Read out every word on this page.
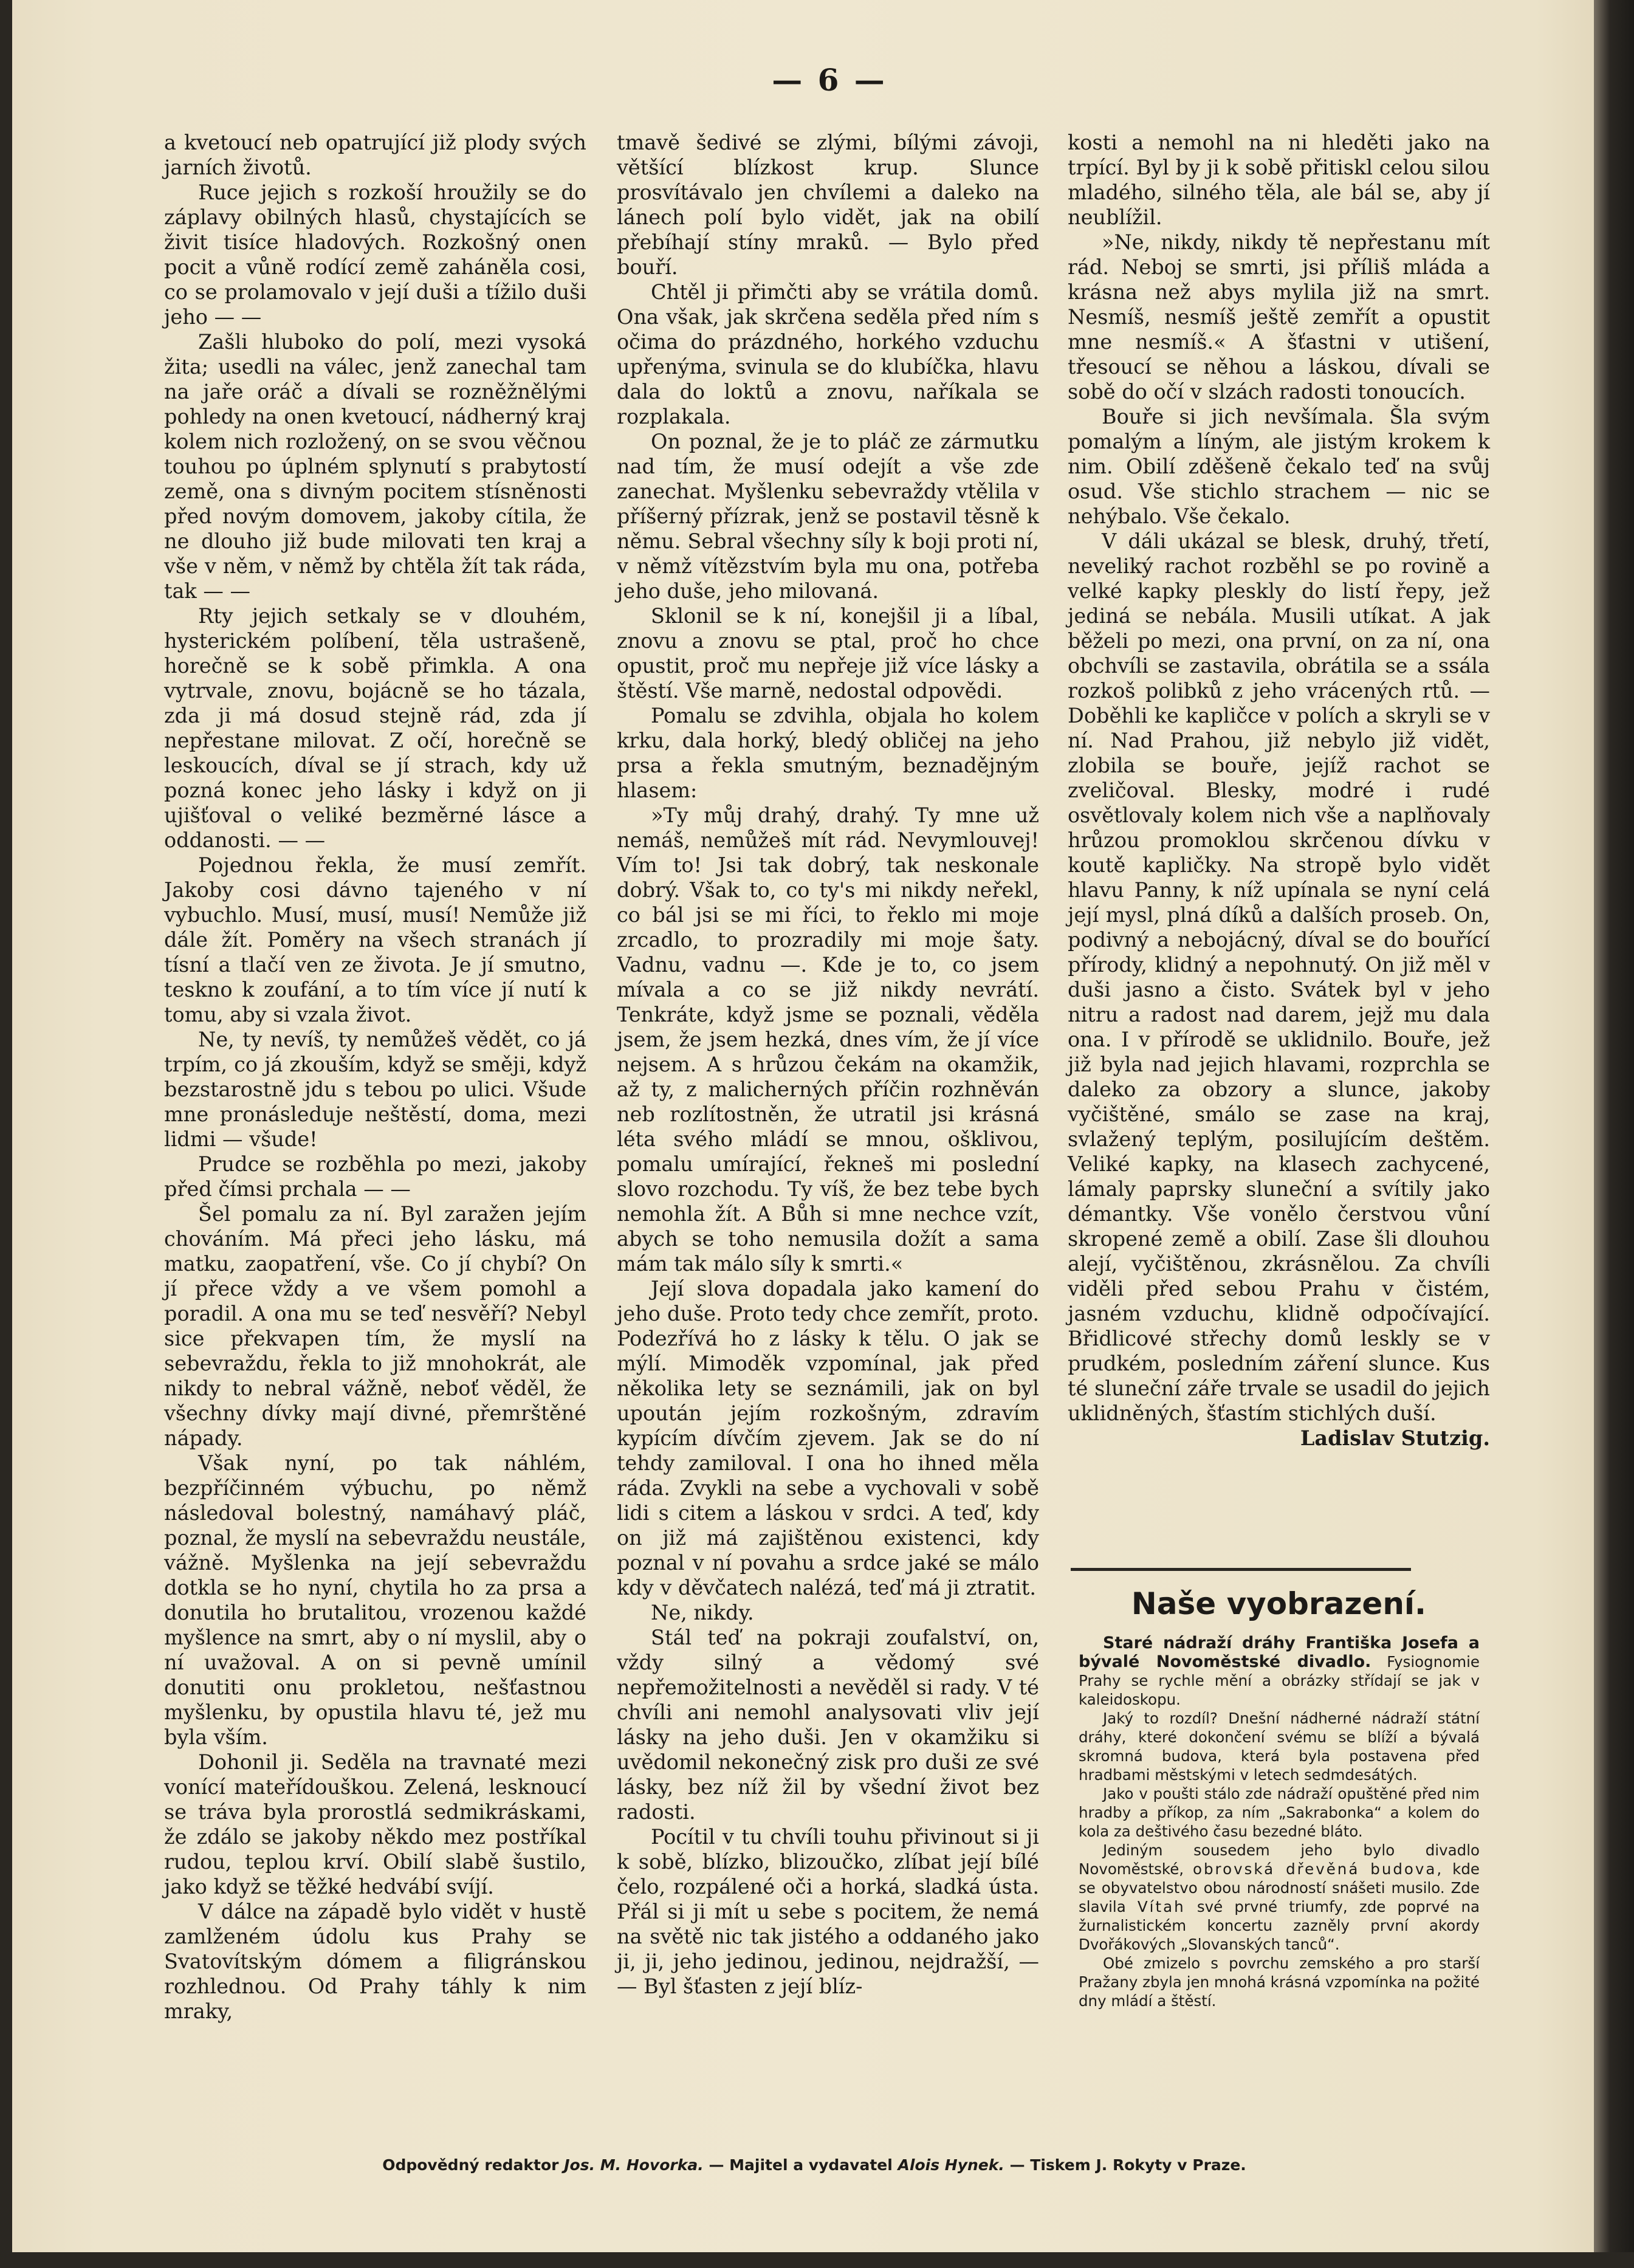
— 6 —

a kvetoucí neb opatrující již plody svých jarních životů.

Ruce jejich s rozkoší hroužily se do záplavy obilných hlasů, chystajících se živit tisíce hladových. Rozkošný onen pocit a vůně rodící země zaháněla cosi, co se prolamovalo v její duši a tížilo duši jeho — —

Zašli hluboko do polí, mezi vysoká žita; usedli na válec, jenž zanechal tam na jaře oráč a dívali se rozněžnělými pohledy na onen kvetoucí, nádherný kraj kolem nich rozložený, on se svou věčnou touhou po úplném splynutí s prabytostí země, ona s divným pocitem stísněnosti před novým domovem, jakoby cítila, že ne dlouho již bude milovati ten kraj a vše v něm, v němž by chtěla žít tak ráda, tak — —

Rty jejich setkaly se v dlouhém, hysterickém políbení, těla ustrašeně, horečně se k sobě přimkla. A ona vytrvale, znovu, bojácně se ho tázala, zda ji má dosud stejně rád, zda jí nepřestane milovat. Z očí, horečně se leskoucích, díval se jí strach, kdy už pozná konec jeho lásky i když on ji ujišťoval o veliké bezměrné lásce a oddanosti. — —

Pojednou řekla, že musí zemřít. Jakoby cosi dávno tajeného v ní vybuchlo. Musí, musí, musí! Nemůže již dále žít. Poměry na všech stranách jí tísní a tlačí ven ze života. Je jí smutno, teskno k zoufání, a to tím více jí nutí k tomu, aby si vzala život.

Ne, ty nevíš, ty nemůžeš vědět, co já trpím, co já zkouším, když se směji, když bezstarostně jdu s tebou po ulici. Všude mne pronásleduje neštěstí, doma, mezi lidmi — všude!

Prudce se rozběhla po mezi, jakoby před čímsi prchala — —

Šel pomalu za ní. Byl zaražen jejím chováním. Má přeci jeho lásku, má matku, zaopatření, vše. Co jí chybí? On jí přece vždy a ve všem pomohl a poradil. A ona mu se teď nesvěří? Nebyl sice překvapen tím, že myslí na sebevraždu, řekla to již mnohokrát, ale nikdy to nebral vážně, neboť věděl, že všechny dívky mají divné, přemrštěné nápady.

Však nyní, po tak náhlém, bezpříčinném výbuchu, po němž následoval bolestný, namáhavý pláč, poznal, že myslí na sebevraždu neustále, vážně. Myšlenka na její sebevraždu dotkla se ho nyní, chytila ho za prsa a donutila ho brutalitou, vrozenou každé myšlence na smrt, aby o ní myslil, aby o ní uvažoval. A on si pevně umínil donutiti onu prokletou, nešťastnou myšlenku, by opustila hlavu té, jež mu byla vším.

Dohonil ji. Seděla na travnaté mezi vonící mateřídouškou. Zelená, lesknoucí se tráva byla prorostlá sedmikráskami, že zdálo se jakoby někdo mez postříkal rudou, teplou krví. Obilí slabě šustilo, jako když se těžké hedvábí svíjí.

V dálce na západě bylo vidět v hustě zamlženém údolu kus Prahy se Svatovítským dómem a filigránskou rozhlednou. Od Prahy táhly k nim mraky,

tmavě šedivé se zlými, bílými závoji, většící blízkost krup. Slunce prosvítávalo jen chvílemi a daleko na lánech polí bylo vidět, jak na obilí přebíhají stíny mraků. — Bylo před bouří.

Chtěl ji přimčti aby se vrátila domů. Ona však, jak skrčena seděla před ním s očima do prázdného, horkého vzduchu upřenýma, svinula se do klubíčka, hlavu dala do loktů a znovu, naříkala se rozplakala.

On poznal, že je to pláč ze zármutku nad tím, že musí odejít a vše zde zanechat. Myšlenku sebevraždy vtělila v příšerný přízrak, jenž se postavil těsně k němu. Sebral všechny síly k boji proti ní, v němž vítězstvím byla mu ona, potřeba jeho duše, jeho milovaná.

Sklonil se k ní, konejšil ji a líbal, znovu a znovu se ptal, proč ho chce opustit, proč mu nepřeje již více lásky a štěstí. Vše marně, nedostal odpovědi.

Pomalu se zdvihla, objala ho kolem krku, dala horký, bledý obličej na jeho prsa a řekla smutným, beznadějným hlasem:

»Ty můj drahý, drahý. Ty mne už nemáš, nemůžeš mít rád. Nevymlouvej! Vím to! Jsi tak dobrý, tak neskonale dobrý. Však to, co ty's mi nikdy neřekl, co bál jsi se mi říci, to řeklo mi moje zrcadlo, to prozradily mi moje šaty. Vadnu, vadnu —. Kde je to, co jsem mívala a co se již nikdy nevrátí. Tenkráte, když jsme se poznali, věděla jsem, že jsem hezká, dnes vím, že jí více nejsem. A s hrůzou čekám na okamžik, až ty, z malicherných příčin rozhněván neb rozlítostněn, že utratil jsi krásná léta svého mládí se mnou, ošklivou, pomalu umírající, řekneš mi poslední slovo rozchodu. Ty víš, že bez tebe bych nemohla žít. A Bůh si mne nechce vzít, abych se toho nemusila dožít a sama mám tak málo síly k smrti.«

Její slova dopadala jako kamení do jeho duše. Proto tedy chce zemřít, proto. Podezřívá ho z lásky k tělu. O jak se mýlí. Mimoděk vzpomínal, jak před několika lety se seznámili, jak on byl upoután jejím rozkošným, zdravím kypícím dívčím zjevem. Jak se do ní tehdy zamiloval. I ona ho ihned měla ráda. Zvykli na sebe a vychovali v sobě lidi s citem a láskou v srdci. A teď, kdy on již má zajištěnou existenci, kdy poznal v ní povahu a srdce jaké se málo kdy v děvčatech nalézá, teď má ji ztratit.

Ne, nikdy.

Stál teď na pokraji zoufalství, on, vždy silný a vědomý své nepřemožitelnosti a nevěděl si rady. V té chvíli ani nemohl analysovati vliv její lásky na jeho duši. Jen v okamžiku si uvědomil nekonečný zisk pro duši ze své lásky, bez níž žil by všední život bez radosti.

Pocítil v tu chvíli touhu přivinout si ji k sobě, blízko, blizoučko, zlíbat její bílé čelo, rozpálené oči a horká, sladká ústa. Přál si ji mít u sebe s pocitem, že nemá na světě nic tak jistého a oddaného jako ji, ji, jeho jedinou, jedinou, nejdražší, — — Byl šťasten z její blíz-

kosti a nemohl na ni hleděti jako na trpící. Byl by ji k sobě přitiskl celou silou mladého, silného těla, ale bál se, aby jí neublížil.

»Ne, nikdy, nikdy tě nepřestanu mít rád. Neboj se smrti, jsi příliš mláda a krásna než abys mylila již na smrt. Nesmíš, nesmíš ještě zemřít a opustit mne nesmíš.« A šťastni v utišení, třesoucí se něhou a láskou, dívali se sobě do očí v slzách radosti tonoucích.

Bouře si jich nevšímala. Šla svým pomalým a líným, ale jistým krokem k nim. Obilí zděšeně čekalo teď na svůj osud. Vše stichlo strachem — nic se nehýbalo. Vše čekalo.

V dáli ukázal se blesk, druhý, třetí, neveliký rachot rozběhl se po rovině a velké kapky pleskly do listí řepy, jež jediná se nebála. Musili utíkat. A jak běželi po mezi, ona první, on za ní, ona obchvíli se zastavila, obrátila se a ssála rozkoš polibků z jeho vrácených rtů. — Doběhli ke kapličce v polích a skryli se v ní. Nad Prahou, již nebylo již vidět, zlobila se bouře, jejíž rachot se zveličoval. Blesky, modré i rudé osvětlovaly kolem nich vše a naplňovaly hrůzou promoklou skrčenou dívku v koutě kapličky. Na stropě bylo vidět hlavu Panny, k níž upínala se nyní celá její mysl, plná díků a dalších proseb. On, podivný a nebojácný, díval se do bouřící přírody, klidný a nepohnutý. On již měl v duši jasno a čisto. Svátek byl v jeho nitru a radost nad darem, jejž mu dala ona. I v přírodě se uklidnilo. Bouře, jež již byla nad jejich hlavami, rozprchla se daleko za obzory a slunce, jakoby vyčištěné, smálo se zase na kraj, svlažený teplým, posilujícím deštěm. Veliké kapky, na klasech zachycené, lámaly paprsky sluneční a svítily jako démantky. Vše vonělo čerstvou vůní skropené země a obilí. Zase šli dlouhou alejí, vyčištěnou, zkrásnělou. Za chvíli viděli před sebou Prahu v čistém, jasném vzduchu, klidně odpočívající. Břidlicové střechy domů leskly se v prudkém, posledním záření slunce. Kus té sluneční záře trvale se usadil do jejich uklidněných, šťastím stichlých duší.

Ladislav Stutzig.

Naše vyobrazení.

Staré nádraží dráhy Františka Josefa a bývalé Novoměstské divadlo. Fysiognomie Prahy se rychle mění a obrázky střídají se jak v kaleidoskopu.

Jaký to rozdíl? Dnešní nádherné nádraží státní dráhy, které dokončení svému se blíží a bývalá skromná budova, která byla postavena před hradbami městskými v letech sedmdesátých.

Jako v poušti stálo zde nádraží opuštěné před nim hradby a příkop, za ním „Sakrabonka“ a kolem do kola za deštivého času bezedné bláto.

Jediným sousedem jeho bylo divadlo Novoměstské, obrovská dřevěná budova, kde se obyvatelstvo obou národností snášeti musilo. Zde slavila Vítah své prvné triumfy, zde poprvé na žurnalistickém koncertu zazněly první akordy Dvořákových „Slovanských tanců“.

Obé zmizelo s povrchu zemského a pro starší Pražany zbyla jen mnohá krásná vzpomínka na požité dny mládí a štěstí.

Odpovědný redaktor Jos. M. Hovorka. — Majitel a vydavatel Alois Hynek. — Tiskem J. Rokyty v Praze.
